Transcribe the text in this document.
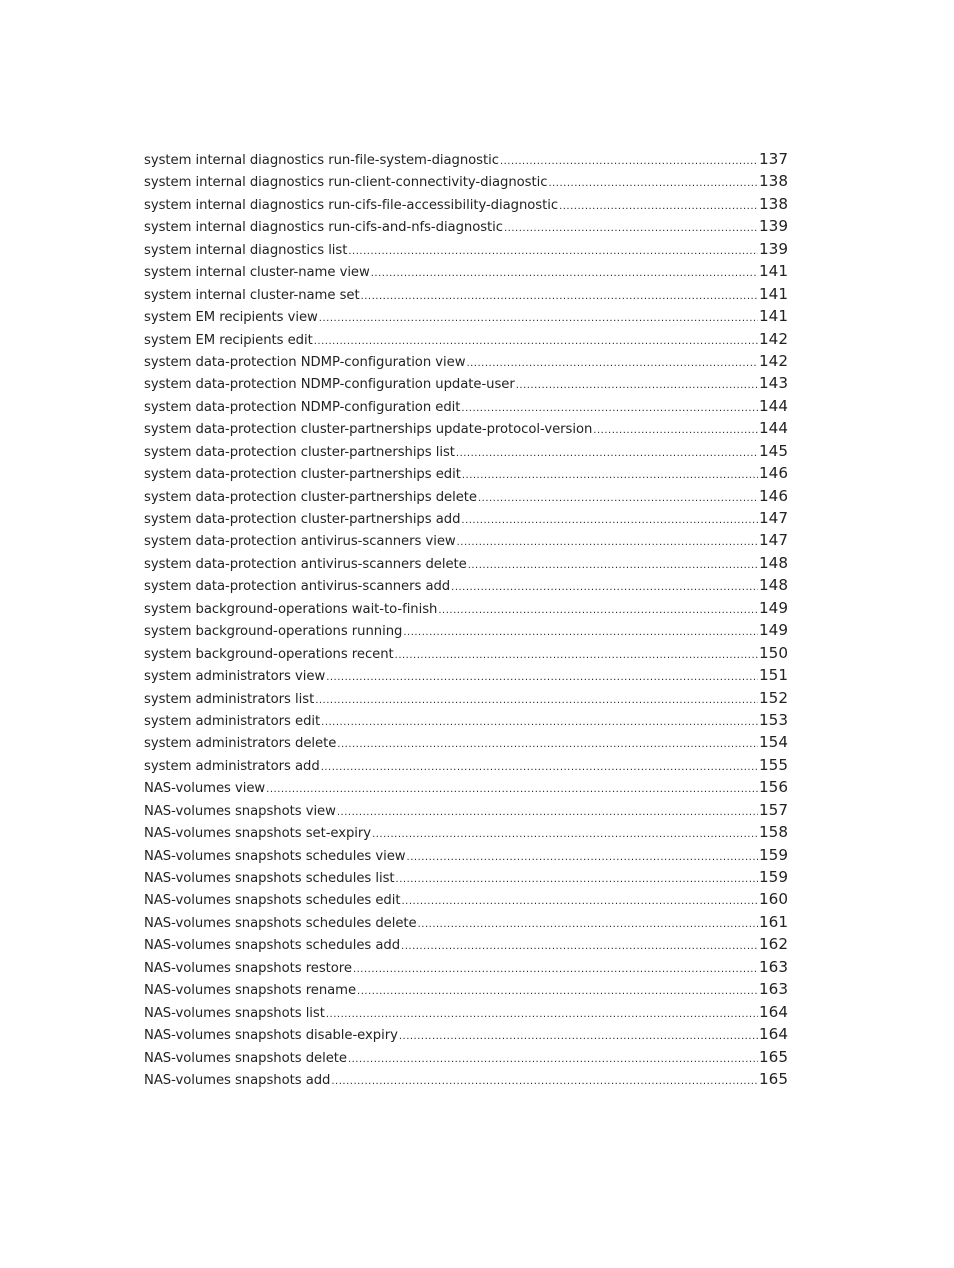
system internal diagnostics run-file-system-diagnostic .....	137
system internal diagnostics run-client-connectivity-diagnostic .....	138
system internal diagnostics run-cifs-file-accessibility-diagnostic .....	138
system internal diagnostics run-cifs-and-nfs-diagnostic .....	139
system internal diagnostics list .....	139
system internal cluster-name view .....	141
system internal cluster-name set .....	141
system EM recipients view .....	141
system EM recipients edit .....	142
system data-protection NDMP-configuration view .....	142
system data-protection NDMP-configuration update-user .....	143
system data-protection NDMP-configuration edit .....	144
system data-protection cluster-partnerships update-protocol-version .....	144
system data-protection cluster-partnerships list .....	145
system data-protection cluster-partnerships edit .....	146
system data-protection cluster-partnerships delete .....	146
system data-protection cluster-partnerships add .....	147
system data-protection antivirus-scanners view .....	147
system data-protection antivirus-scanners delete .....	148
system data-protection antivirus-scanners add .....	148
system background-operations wait-to-finish .....	149
system background-operations running .....	149
system background-operations recent .....	150
system administrators view .....	151
system administrators list .....	152
system administrators edit .....	153
system administrators delete .....	154
system administrators add .....	155
NAS-volumes view .....	156
NAS-volumes snapshots view .....	157
NAS-volumes snapshots set-expiry .....	158
NAS-volumes snapshots schedules view .....	159
NAS-volumes snapshots schedules list .....	159
NAS-volumes snapshots schedules edit .....	160
NAS-volumes snapshots schedules delete .....	161
NAS-volumes snapshots schedules add .....	162
NAS-volumes snapshots restore .....	163
NAS-volumes snapshots rename .....	163
NAS-volumes snapshots list .....	164
NAS-volumes snapshots disable-expiry .....	164
NAS-volumes snapshots delete .....	165
NAS-volumes snapshots add .....	165
